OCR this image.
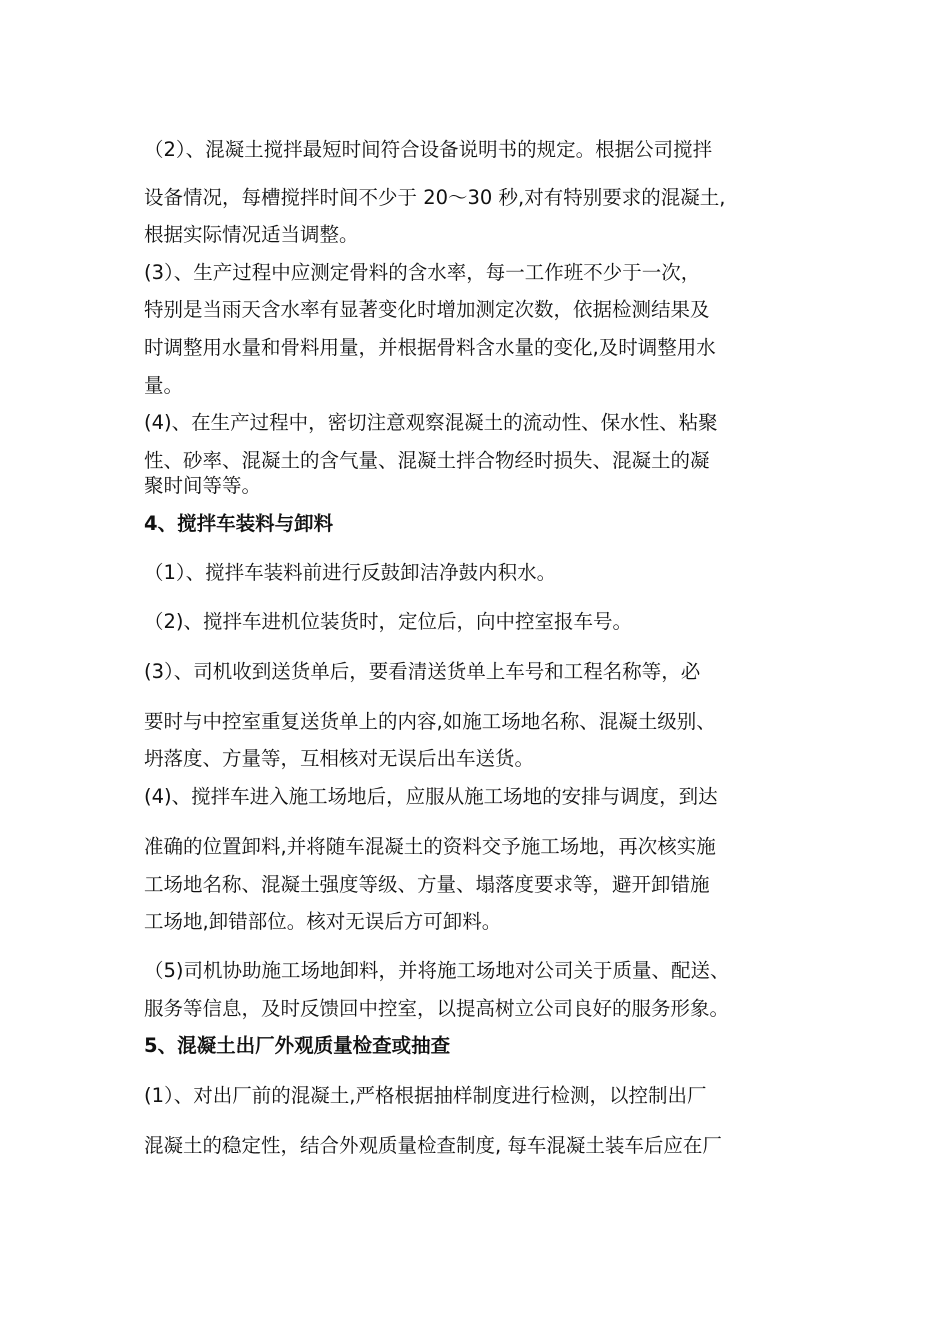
（2）、混凝土搅拌最短时间符合设备说明书的规定。根据公司搅拌
设备情况，每槽搅拌时间不少于 20～30 秒,对有特别要求的混凝土,
根据实际情况适当调整。
(3）、生产过程中应测定骨料的含水率，每一工作班不少于一次，
特别是当雨天含水率有显著变化时增加测定次数，依据检测结果及
时调整用水量和骨料用量，并根据骨料含水量的变化,及时调整用水
量。
(4)、在生产过程中，密切注意观察混凝土的流动性、保水性、粘聚
性、砂率、混凝土的含气量、混凝土拌合物经时损失、混凝土的凝
聚时间等等。
4、搅拌车装料与卸料
（1）、搅拌车装料前进行反鼓卸洁净鼓内积水。
（2)、搅拌车进机位装货时，定位后，向中控室报车号。
(3）、司机收到送货单后，要看清送货单上车号和工程名称等，必
要时与中控室重复送货单上的内容,如施工场地名称、混凝土级别、
坍落度、方量等，互相核对无误后出车送货。
(4)、搅拌车进入施工场地后，应服从施工场地的安排与调度，到达
准确的位置卸料,并将随车混凝土的资料交予施工场地，再次核实施
工场地名称、混凝土强度等级、方量、塌落度要求等，避开卸错施
工场地,卸错部位。核对无误后方可卸料。
（5)司机协助施工场地卸料，并将施工场地对公司关于质量、配送、
服务等信息，及时反馈回中控室，以提高树立公司良好的服务形象。
5、混凝土出厂外观质量检查或抽查
(1）、对出厂前的混凝土,严格根据抽样制度进行检测，以控制出厂
混凝土的稳定性，结合外观质量检查制度, 每车混凝土装车后应在厂
